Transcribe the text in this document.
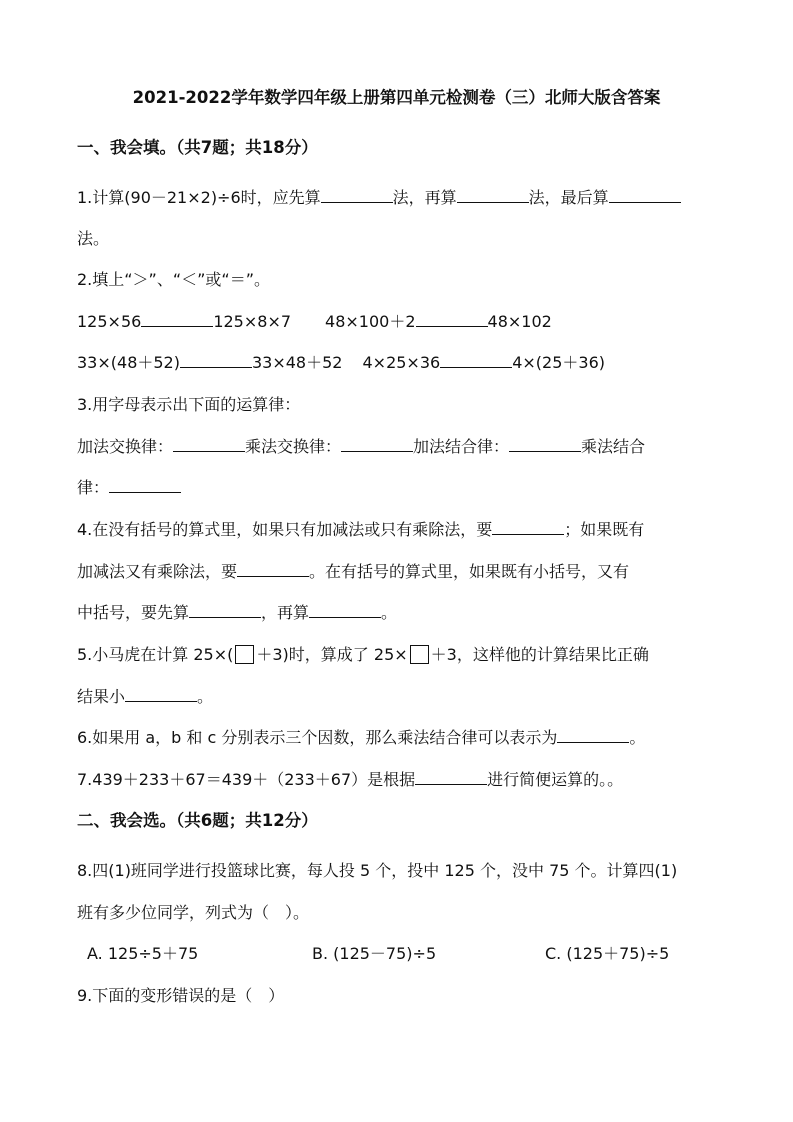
2021-2022学年数学四年级上册第四单元检测卷（三）北师大版含答案
一、我会填。（共7题；共18分）
1.计算(90－21×2)÷6时，应先算	法，再算	法，最后算
法。
2.填上“＞”、“＜”或“＝”。
125×56	125×8×7 48×100＋2	48×102
33×(48＋52)	33×48＋52 4×25×36	4×(25＋36)
3.用字母表示出下面的运算律：
加法交换律：	乘法交换律：	加法结合律：	乘法结合
律：
4.在没有括号的算式里，如果只有加减法或只有乘除法，要	；如果既有
加减法又有乘除法，要	。在有括号的算式里，如果既有小括号，又有
中括号，要先算	，再算	。
5.小马虎在计算 25×( ＋3)时，算成了 25× ＋3，这样他的计算结果比正确
结果小	。
6.如果用 a，b 和 c 分别表示三个因数，那么乘法结合律可以表示为	。
7.439＋233＋67＝439＋（233＋67）是根据	进行简便运算的。。
二、我会选。（共6题；共12分）
8.四(1)班同学进行投篮球比赛，每人投 5 个，投中 125 个，没中 75 个。计算四(1)
班有多少位同学，列式为（　）。
A. 125÷5＋75	B. (125－75)÷5	C. (125＋75)÷5
9.下面的变形错误的是（　）
